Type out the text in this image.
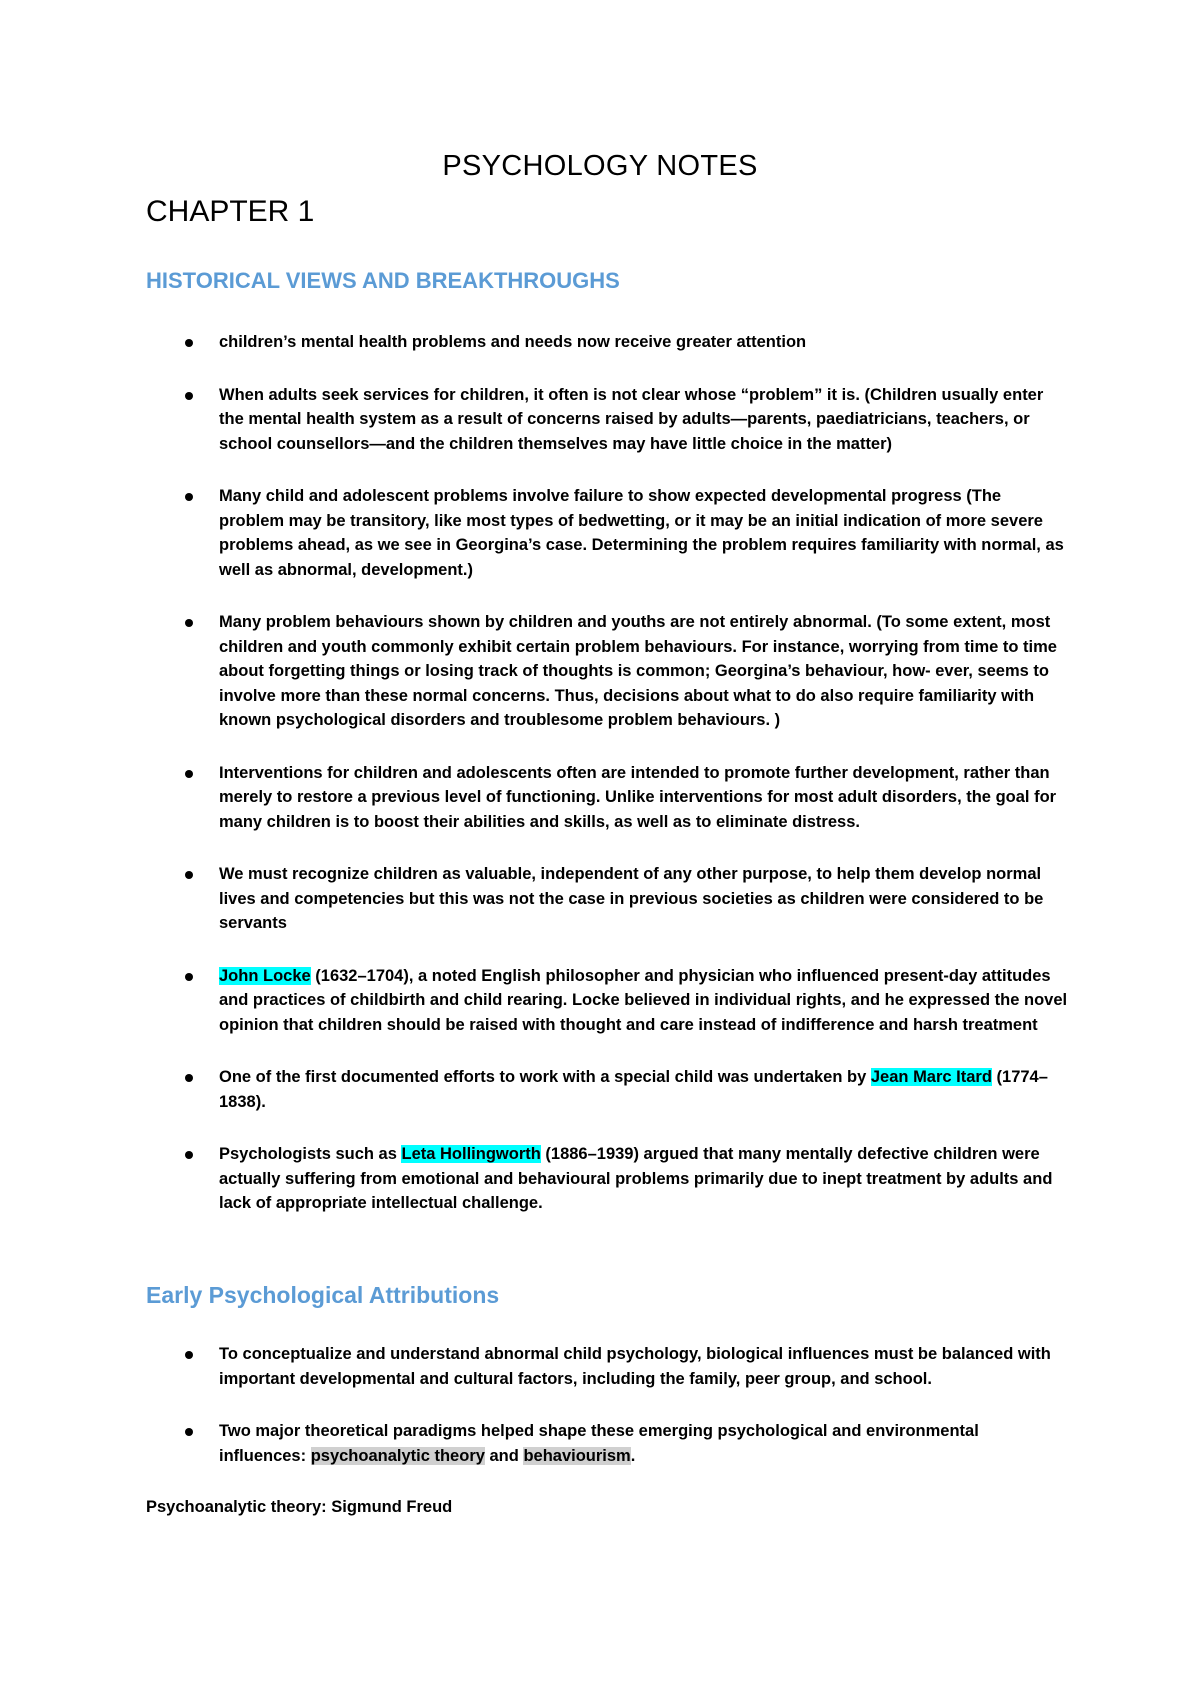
PSYCHOLOGY NOTES
CHAPTER 1
HISTORICAL VIEWS AND BREAKTHROUGHS
children’s mental health problems and needs now receive greater attention
When adults seek services for children, it often is not clear whose “problem” it is. (Children usually enter the mental health system as a result of concerns raised by adults—parents, paediatricians, teachers, or school counsellors—and the children themselves may have little choice in the matter)
Many child and adolescent problems involve failure to show expected developmental progress (The problem may be transitory, like most types of bedwetting, or it may be an initial indication of more severe problems ahead, as we see in Georgina’s case. Determining the problem requires familiarity with normal, as well as abnormal, development.)
Many problem behaviours shown by children and youths are not entirely abnormal. (To some extent, most children and youth commonly exhibit certain problem behaviours. For instance, worrying from time to time about forgetting things or losing track of thoughts is common; Georgina’s behaviour, how- ever, seems to involve more than these normal concerns. Thus, decisions about what to do also require familiarity with known psychological disorders and troublesome problem behaviours. )
Interventions for children and adolescents often are intended to promote further development, rather than merely to restore a previous level of functioning. Unlike interventions for most adult disorders, the goal for many children is to boost their abilities and skills, as well as to eliminate distress.
We must recognize children as valuable, independent of any other purpose, to help them develop normal lives and competencies but this was not the case in previous societies as children were considered to be servants
John Locke (1632–1704), a noted English philosopher and physician who influenced present-day attitudes and practices of childbirth and child rearing. Locke believed in individual rights, and he expressed the novel opinion that children should be raised with thought and care instead of indifference and harsh treatment
One of the first documented efforts to work with a special child was undertaken by Jean Marc Itard (1774–1838).
Psychologists such as Leta Hollingworth (1886–1939) argued that many mentally defective children were actually suffering from emotional and behavioural problems primarily due to inept treatment by adults and lack of appropriate intellectual challenge.
Early Psychological Attributions
To conceptualize and understand abnormal child psychology, biological influences must be balanced with important developmental and cultural factors, including the family, peer group, and school.
Two major theoretical paradigms helped shape these emerging psychological and environmental influences: psychoanalytic theory and behaviourism.

Psychoanalytic theory: Sigmund Freud
